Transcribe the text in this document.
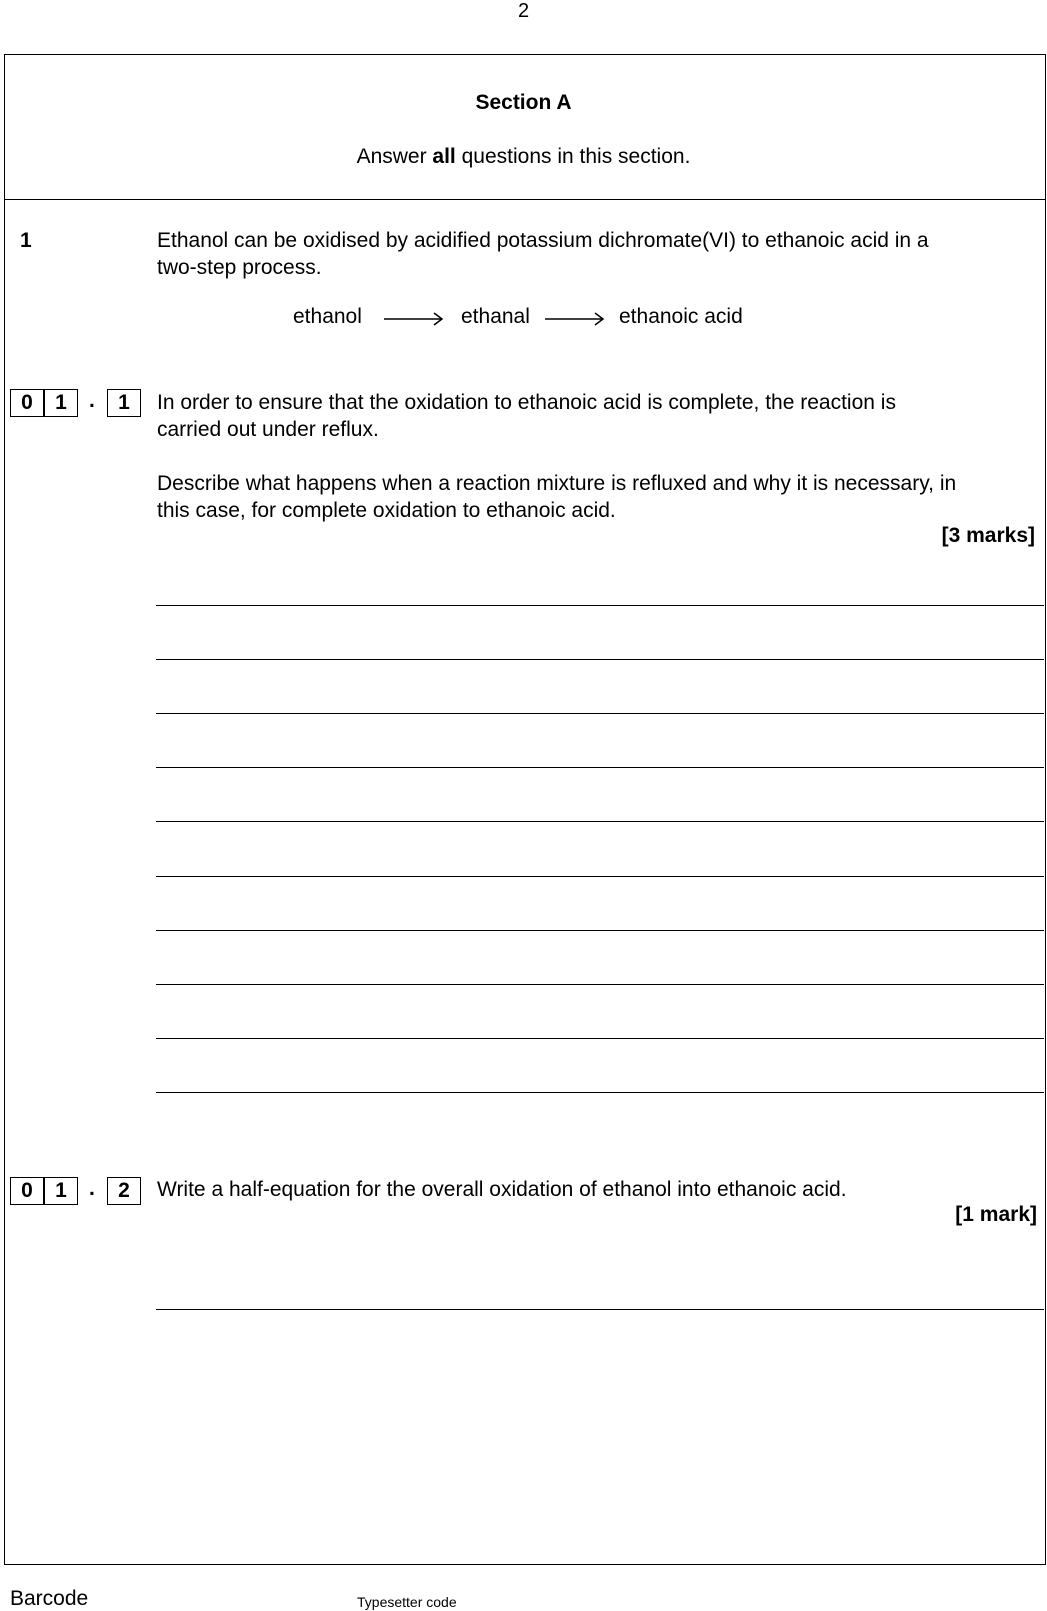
2
Section A
Answer all questions in this section.
1	Ethanol can be oxidised by acidified potassium dichromate(VI) to ethanoic acid in a
two-step process.
ethanol	ethanal	ethanoic acid
0	1	.	1	In order to ensure that the oxidation to ethanoic acid is complete, the reaction is
carried out under reflux.
Describe what happens when a reaction mixture is refluxed and why it is necessary, in
this case, for complete oxidation to ethanoic acid.
[3 marks]
0	1	.	2	Write a half-equation for the overall oxidation of ethanol into ethanoic acid.
[1 mark]
Barcode	Typesetter code
